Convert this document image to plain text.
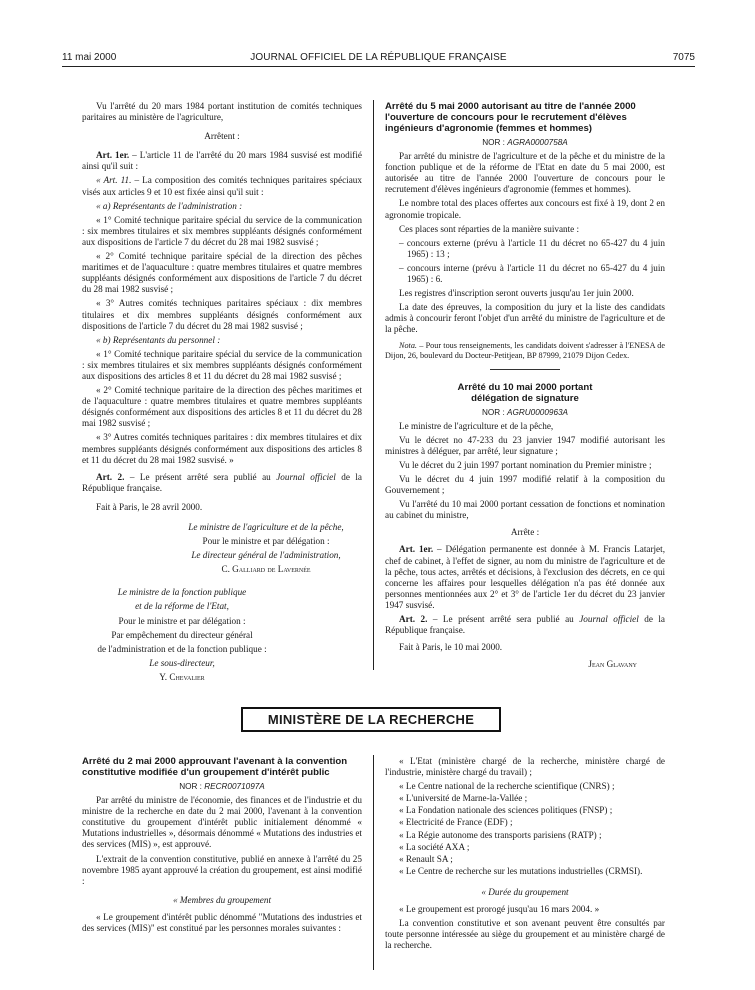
11 mai 2000	JOURNAL OFFICIEL DE LA RÉPUBLIQUE FRANÇAISE	7075

Vu l'arrêté du 20 mars 1984 portant institution de comités techniques paritaires au ministère de l'agriculture,

Arrêtent :

Art. 1er. – L'article 11 de l'arrêté du 20 mars 1984 susvisé est modifié ainsi qu'il suit :

« Art. 11. – La composition des comités techniques paritaires spéciaux visés aux articles 9 et 10 est fixée ainsi qu'il suit :

« a) Représentants de l'administration :

« 1° Comité technique paritaire spécial du service de la communication : six membres titulaires et six membres suppléants désignés conformément aux dispositions de l'article 7 du décret du 28 mai 1982 susvisé ;

« 2° Comité technique paritaire spécial de la direction des pêches maritimes et de l'aquaculture : quatre membres titulaires et quatre membres suppléants désignés conformément aux dispositions de l'article 7 du décret du 28 mai 1982 susvisé ;

« 3° Autres comités techniques paritaires spéciaux : dix membres titulaires et dix membres suppléants désignés conformément aux dispositions de l'article 7 du décret du 28 mai 1982 susvisé ;

« b) Représentants du personnel :

« 1° Comité technique paritaire spécial du service de la communication : six membres titulaires et six membres suppléants désignés conformément aux dispositions des articles 8 et 11 du décret du 28 mai 1982 susvisé ;

« 2° Comité technique paritaire de la direction des pêches maritimes et de l'aquaculture : quatre membres titulaires et quatre membres suppléants désignés conformément aux dispositions des articles 8 et 11 du décret du 28 mai 1982 susvisé ;

« 3° Autres comités techniques paritaires : dix membres titulaires et dix membres suppléants désignés conformément aux dispositions des articles 8 et 11 du décret du 28 mai 1982 susvisé. »

Art. 2. – Le présent arrêté sera publié au Journal officiel de la République française.

Fait à Paris, le 28 avril 2000.

Le ministre de l'agriculture et de la pêche,

Pour le ministre et par délégation :

Le directeur général de l'administration,

C. Galliard de Lavernée

Le ministre de la fonction publique

et de la réforme de l'Etat,

Pour le ministre et par délégation :

Par empêchement du directeur général

de l'administration et de la fonction publique :

Le sous-directeur,

Y. Chevalier

Arrêté du 5 mai 2000 autorisant au titre de l'année 2000 l'ouverture de concours pour le recrutement d'élèves ingénieurs d'agronomie (femmes et hommes)

NOR : AGRA0000758A

Par arrêté du ministre de l'agriculture et de la pêche et du ministre de la fonction publique et de la réforme de l'Etat en date du 5 mai 2000, est autorisée au titre de l'année 2000 l'ouverture de concours pour le recrutement d'élèves ingénieurs d'agronomie (femmes et hommes).

Le nombre total des places offertes aux concours est fixé à 19, dont 2 en agronomie tropicale.

Ces places sont réparties de la manière suivante :

– concours externe (prévu à l'article 11 du décret no 65-427 du 4 juin 1965) : 13 ;

– concours interne (prévu à l'article 11 du décret no 65-427 du 4 juin 1965) : 6.

Les registres d'inscription seront ouverts jusqu'au 1er juin 2000.

La date des épreuves, la composition du jury et la liste des candidats admis à concourir feront l'objet d'un arrêté du ministre de l'agriculture et de la pêche.

Nota. – Pour tous renseignements, les candidats doivent s'adresser à l'ENESA de Dijon, 26, boulevard du Docteur-Petitjean, BP 87999, 21079 Dijon Cedex.

Arrêté du 10 mai 2000 portant délégation de signature

NOR : AGRU0000963A

Le ministre de l'agriculture et de la pêche,

Vu le décret no 47-233 du 23 janvier 1947 modifié autorisant les ministres à déléguer, par arrêté, leur signature ;

Vu le décret du 2 juin 1997 portant nomination du Premier ministre ;

Vu le décret du 4 juin 1997 modifié relatif à la composition du Gouvernement ;

Vu l'arrêté du 10 mai 2000 portant cessation de fonctions et nomination au cabinet du ministre,

Arrête :

Art. 1er. – Délégation permanente est donnée à M. Francis Latarjet, chef de cabinet, à l'effet de signer, au nom du ministre de l'agriculture et de la pêche, tous actes, arrêtés et décisions, à l'exclusion des décrets, en ce qui concerne les affaires pour lesquelles délégation n'a pas été donnée aux personnes mentionnées aux 2° et 3° de l'article 1er du décret du 23 janvier 1947 susvisé.

Art. 2. – Le présent arrêté sera publié au Journal officiel de la République française.

Fait à Paris, le 10 mai 2000.

Jean Glavany

MINISTÈRE DE LA RECHERCHE

Arrêté du 2 mai 2000 approuvant l'avenant à la convention constitutive modifiée d'un groupement d'intérêt public

NOR : RECR0071097A

Par arrêté du ministre de l'économie, des finances et de l'industrie et du ministre de la recherche en date du 2 mai 2000, l'avenant à la convention constitutive du groupement d'intérêt public initialement dénommé « Mutations industrielles », désormais dénommé « Mutations des industries et des services (MIS) », est approuvé.

L'extrait de la convention constitutive, publié en annexe à l'arrêté du 25 novembre 1985 ayant approuvé la création du groupement, est ainsi modifié :

« Membres du groupement

« Le groupement d'intérêt public dénommé "Mutations des industries et des services (MIS)" est constitué par les personnes morales suivantes :

« L'Etat (ministère chargé de la recherche, ministère chargé de l'industrie, ministère chargé du travail) ;

« Le Centre national de la recherche scientifique (CNRS) ;

« L'université de Marne-la-Vallée ;

« La Fondation nationale des sciences politiques (FNSP) ;

« Electricité de France (EDF) ;

« La Régie autonome des transports parisiens (RATP) ;

« La société AXA ;

« Renault SA ;

« Le Centre de recherche sur les mutations industrielles (CRMSI).

« Durée du groupement

« Le groupement est prorogé jusqu'au 16 mars 2004. »

La convention constitutive et son avenant peuvent être consultés par toute personne intéressée au siège du groupement et au ministère chargé de la recherche.
